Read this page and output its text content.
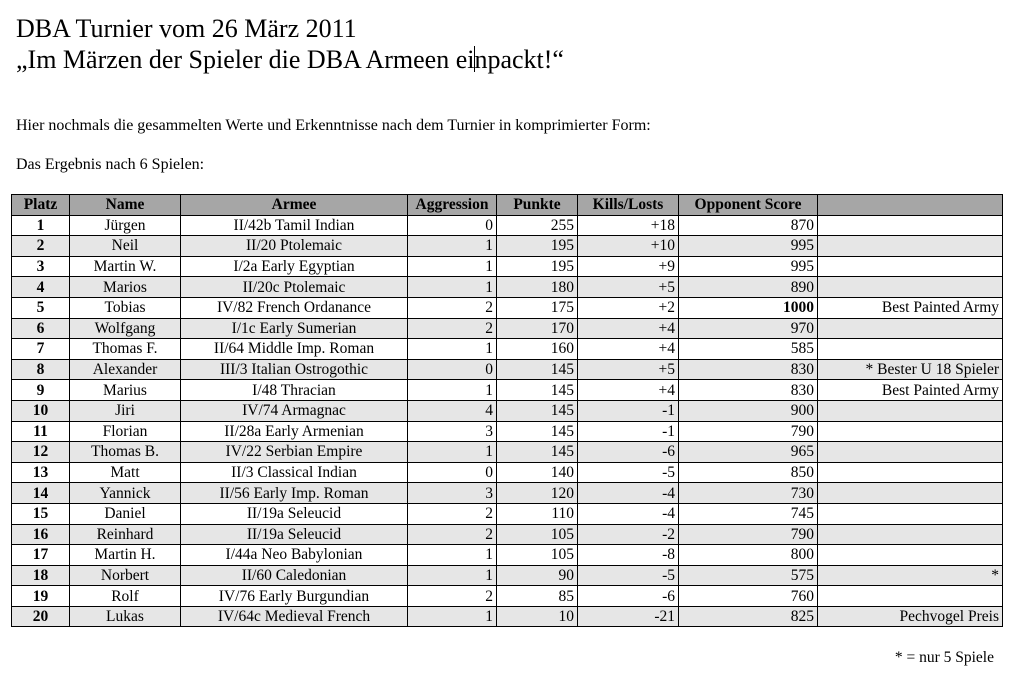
DBA Turnier vom 26 März 2011
„Im Märzen der Spieler die DBA Armeen einpackt!“
Hier nochmals die gesammelten Werte und Erkenntnisse nach dem Turnier in komprimierter Form:
Das Ergebnis nach 6 Spielen:
Platz	Name	Armee	Aggression	Punkte	Kills/Losts	Opponent Score	
1	Jürgen	II/42b Tamil Indian	0	255	+18	870	
2	Neil	II/20 Ptolemaic	1	195	+10	995	
3	Martin W.	I/2a Early Egyptian	1	195	+9	995	
4	Marios	II/20c Ptolemaic	1	180	+5	890	
5	Tobias	IV/82 French Ordanance	2	175	+2	1000	Best Painted Army
6	Wolfgang	I/1c Early Sumerian	2	170	+4	970	
7	Thomas F.	II/64 Middle Imp. Roman	1	160	+4	585	
8	Alexander	III/3 Italian Ostrogothic	0	145	+5	830	* Bester U 18 Spieler
9	Marius	I/48 Thracian	1	145	+4	830	Best Painted Army
10	Jiri	IV/74 Armagnac	4	145	-1	900	
11	Florian	II/28a Early Armenian	3	145	-1	790	
12	Thomas B.	IV/22 Serbian Empire	1	145	-6	965	
13	Matt	II/3 Classical Indian	0	140	-5	850	
14	Yannick	II/56 Early Imp. Roman	3	120	-4	730	
15	Daniel	II/19a Seleucid	2	110	-4	745	
16	Reinhard	II/19a Seleucid	2	105	-2	790	
17	Martin H.	I/44a Neo Babylonian	1	105	-8	800	
18	Norbert	II/60 Caledonian	1	90	-5	575	*
19	Rolf	IV/76 Early Burgundian	2	85	-6	760	
20	Lukas	IV/64c Medieval French	1	10	-21	825	Pechvogel Preis
* = nur 5 Spiele
